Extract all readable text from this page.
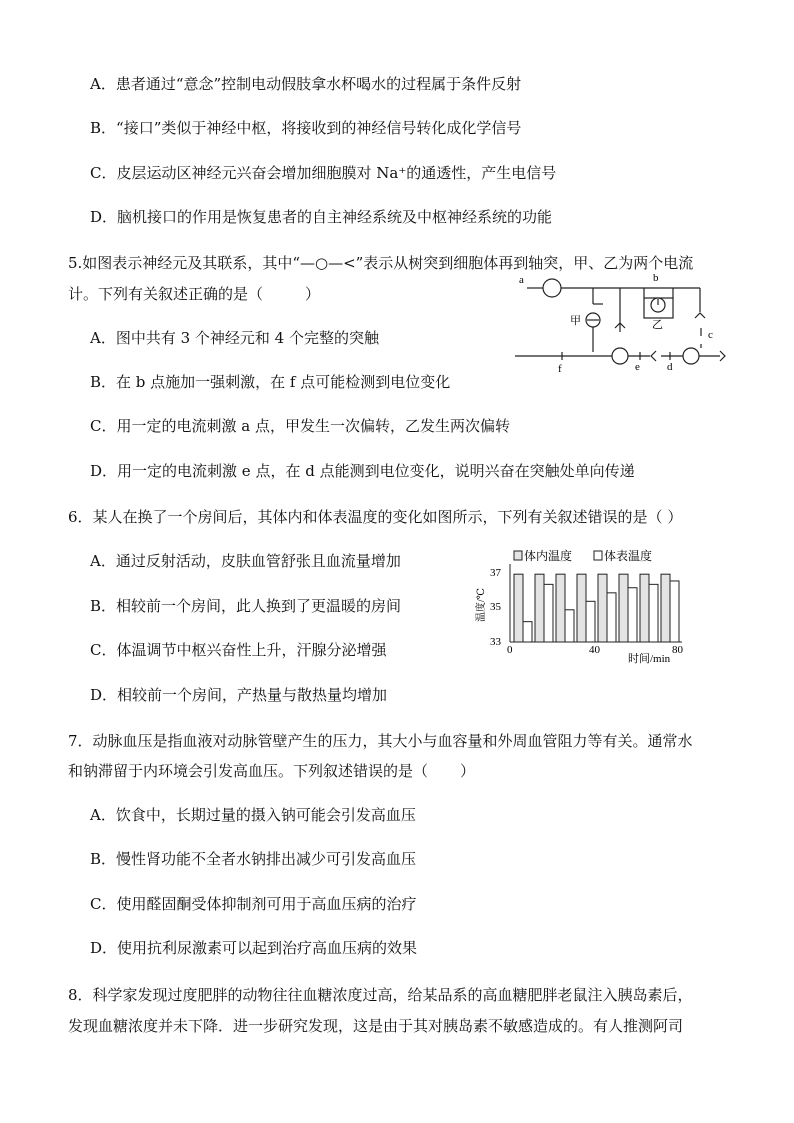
A．患者通过“意念”控制电动假肢拿水杯喝水的过程属于条件反射
B．“接口”类似于神经中枢，将接收到的神经信号转化成化学信号
C．皮层运动区神经元兴奋会增加细胞膜对 Na⁺的通透性，产生电信号
D．脑机接口的作用是恢复患者的自主神经系统及中枢神经系统的功能
5.如图表示神经元及其联系，其中“—○—<”表示从树突到细胞体再到轴突，甲、乙为两个电流
计。下列有关叙述正确的是（	）
A．图中共有 3 个神经元和 4 个完整的突触
B．在 b 点施加一强刺激，在 f 点可能检测到电位变化
C．用一定的电流刺激 a 点，甲发生一次偏转，乙发生两次偏转
D．用一定的电流刺激 e 点，在 d 点能测到电位变化，说明兴奋在突触处单向传递
a	b
c
d
e
f
甲	乙
6．某人在换了一个房间后，其体内和体表温度的变化如图所示，下列有关叙述错误的是（ ）
A．通过反射活动，皮肤血管舒张且血流量增加
B．相较前一个房间，此人换到了更温暖的房间
C．体温调节中枢兴奋性上升，汗腺分泌增强
D．相较前一个房间，产热量与散热量均增加
体内温度	体表温度
温度/℃
时间/min
33
35
37
0	40	80
7．动脉血压是指血液对动脉管壁产生的压力，其大小与血容量和外周血管阻力等有关。通常水
和钠滞留于内环境会引发高血压。下列叙述错误的是（ ）
A．饮食中，长期过量的摄入钠可能会引发高血压
B．慢性肾功能不全者水钠排出减少可引发高血压
C．使用醛固酮受体抑制剂可用于高血压病的治疗
D．使用抗利尿激素可以起到治疗高血压病的效果
8．科学家发现过度肥胖的动物往往血糖浓度过高，给某品系的高血糖肥胖老鼠注入胰岛素后，
发现血糖浓度并未下降．进一步研究发现，这是由于其对胰岛素不敏感造成的。有人推测阿司
